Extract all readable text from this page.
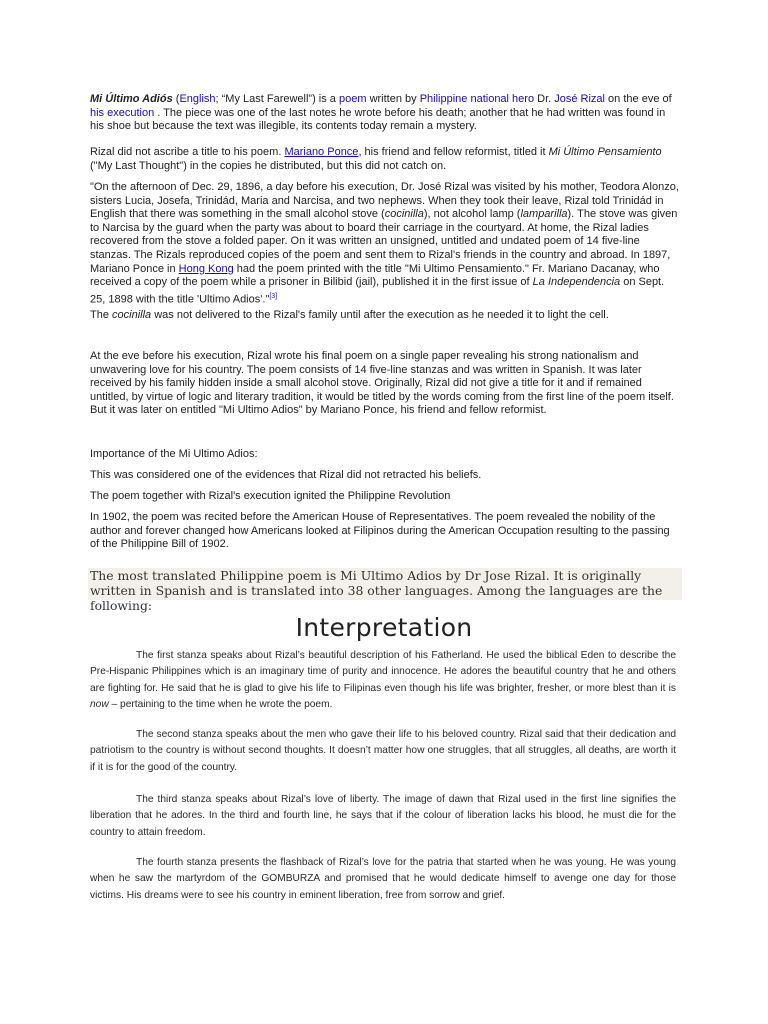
Mi Último Adiós (English; “My Last Farewell”) is a poem written by Philippine national hero Dr. José Rizal on the eve of his execution . The piece was one of the last notes he wrote before his death; another that he had written was found in his shoe but because the text was illegible, its contents today remain a mystery.

Rizal did not ascribe a title to his poem. Mariano Ponce, his friend and fellow reformist, titled it Mi Último Pensamiento ("My Last Thought") in the copies he distributed, but this did not catch on.

"On the afternoon of Dec. 29, 1896, a day before his execution, Dr. José Rizal was visited by his mother, Teodora Alonzo, sisters Lucia, Josefa, Trinidád, Maria and Narcisa, and two nephews. When they took their leave, Rizal told Trinidád in English that there was something in the small alcohol stove (cocinilla), not alcohol lamp (lamparilla). The stove was given to Narcisa by the guard when the party was about to board their carriage in the courtyard. At home, the Rizal ladies recovered from the stove a folded paper. On it was written an unsigned, untitled and undated poem of 14 five-line stanzas. The Rizals reproduced copies of the poem and sent them to Rizal's friends in the country and abroad. In 1897, Mariano Ponce in Hong Kong had the poem printed with the title "Mi Ultimo Pensamiento." Fr. Mariano Dacanay, who received a copy of the poem while a prisoner in Bilibid (jail), published it in the first issue of La Independencia on Sept. 25, 1898 with the title 'Ultimo Adios'."[3]

The cocinilla was not delivered to the Rizal's family until after the execution as he needed it to light the cell.

At the eve before his execution, Rizal wrote his final poem on a single paper revealing his strong nationalism and unwavering love for his country. The poem consists of 14 five-line stanzas and was written in Spanish. It was later received by his family hidden inside a small alcohol stove. Originally, Rizal did not give a title for it and if remained untitled, by virtue of logic and literary tradition, it would be titled by the words coming from the first line of the poem itself. But it was later on entitled "Mi Ultimo Adios" by Mariano Ponce, his friend and fellow reformist.

Importance of the Mi Ultimo Adios:

This was considered one of the evidences that Rizal did not retracted his beliefs.

The poem together with Rizal's execution ignited the Philippine Revolution

In 1902, the poem was recited before the American House of Representatives. The poem revealed the nobility of the author and forever changed how Americans looked at Filipinos during the American Occupation resulting to the passing of the Philippine Bill of 1902.

The most translated Philippine poem is Mi Ultimo Adios by Dr Jose Rizal. It is originally written in Spanish and is translated into 38 other languages. Among the languages are the following:
Interpretation

The first stanza speaks about Rizal’s beautiful description of his Fatherland. He used the biblical Eden to describe the Pre-Hispanic Philippines which is an imaginary time of purity and innocence. He adores the beautiful country that he and others are fighting for. He said that he is glad to give his life to Filipinas even though his life was brighter, fresher, or more blest than it is now – pertaining to the time when he wrote the poem.

The second stanza speaks about the men who gave their life to his beloved country. Rizal said that their dedication and patriotism to the country is without second thoughts. It doesn’t matter how one struggles, that all struggles, all deaths, are worth it if it is for the good of the country.

The third stanza speaks about Rizal’s love of liberty. The image of dawn that Rizal used in the first line signifies the liberation that he adores. In the third and fourth line, he says that if the colour of liberation lacks his blood, he must die for the country to attain freedom.

The fourth stanza presents the flashback of Rizal’s love for the patria that started when he was young. He was young when he saw the martyrdom of the GOMBURZA and promised that he would dedicate himself to avenge one day for those victims. His dreams were to see his country in eminent liberation, free from sorrow and grief.
